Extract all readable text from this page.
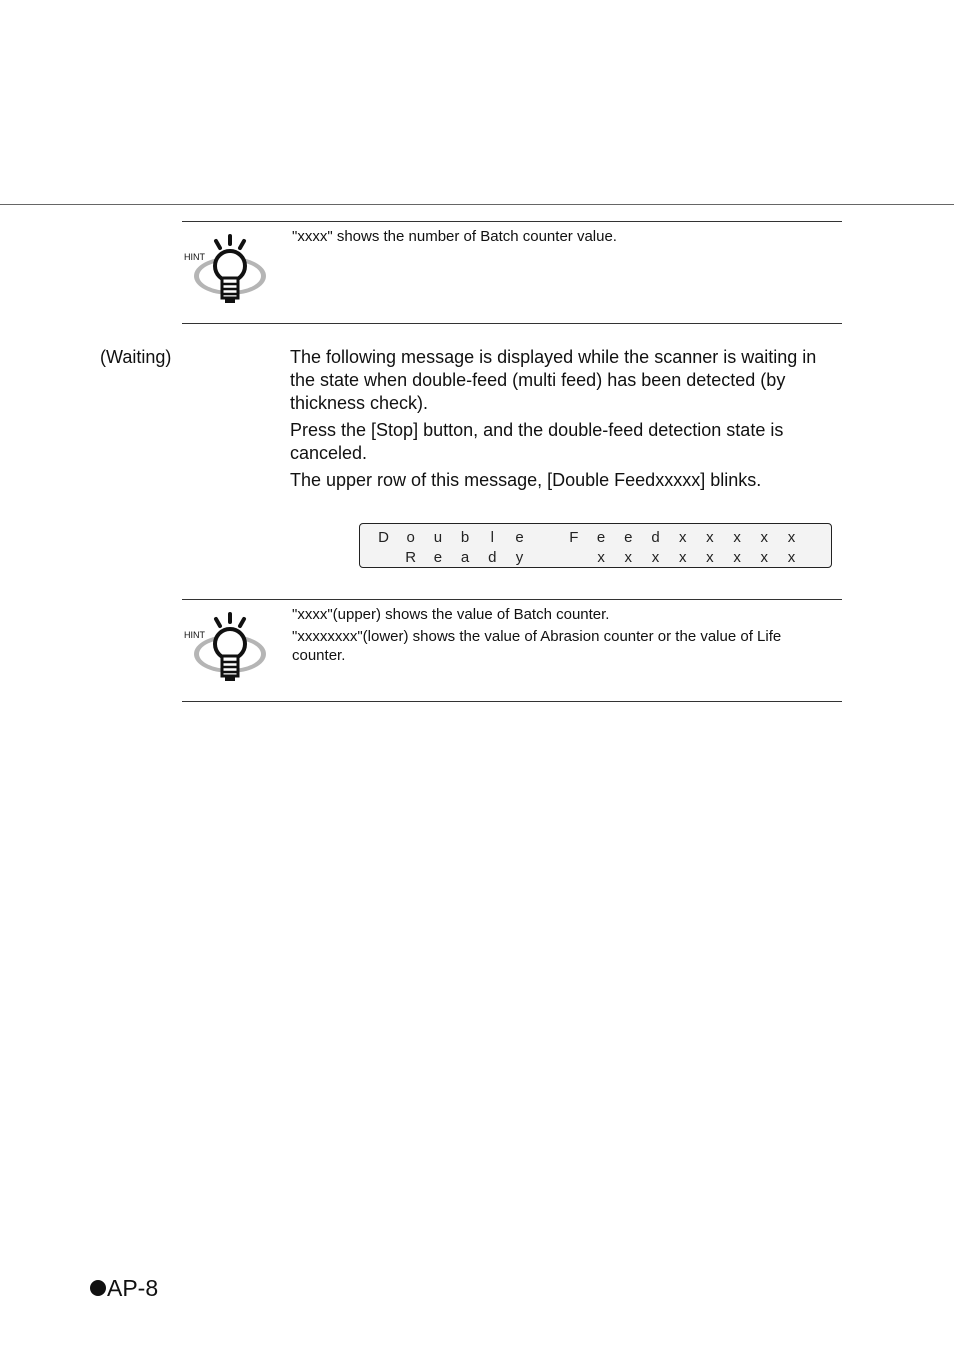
HINT

"xxxx" shows the number of Batch counter value.

(Waiting)	The following message is displayed while the scanner is waiting in the state when double-feed (multi feed) has been detected (by thickness check).

Press the [Stop] button, and the double-feed detection state is canceled.

The upper row of this message, [Double Feedxxxxx] blinks.

D	o	u	b	l	e	F	e	e	d	x	x	x	x	x
R	e	a	d	y	x	x	x	x	x	x	x	x
HINT

"xxxx"(upper) shows the value of Batch counter.

"xxxxxxxx"(lower) shows the value of Abrasion counter or the value of Life counter.

AP-8
